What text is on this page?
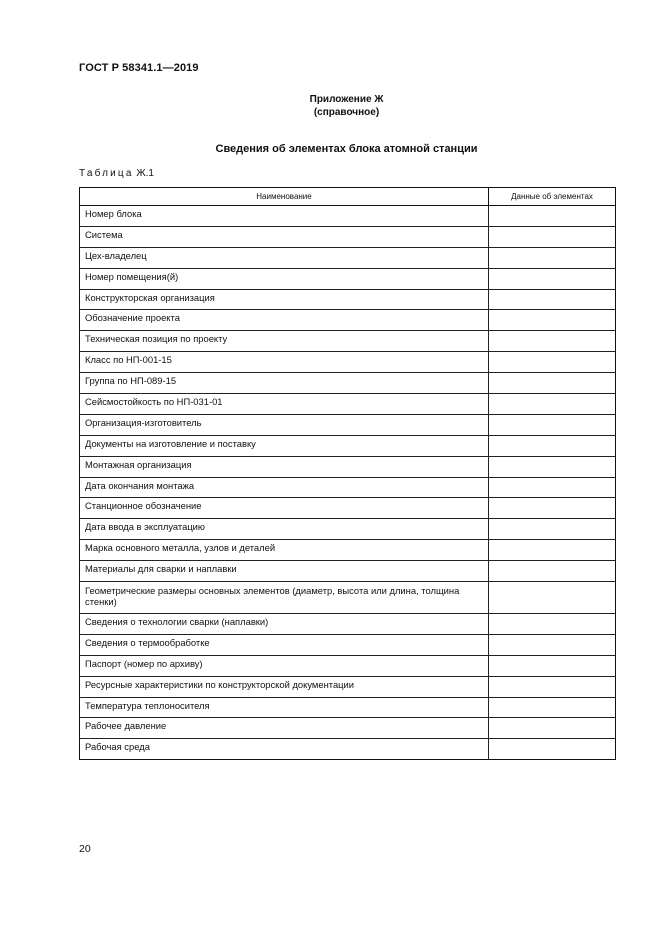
ГОСТ Р 58341.1—2019
Приложение Ж
(справочное)
Сведения об элементах блока атомной станции
Таблица Ж.1
Наименование	Данные об элементах
Номер блока	
Система	
Цех-владелец	
Номер помещения(й)	
Конструкторская организация	
Обозначение проекта	
Техническая позиция по проекту	
Класс по НП-001-15	
Группа по НП-089-15	
Сейсмостойкость по НП-031-01	
Организация-изготовитель	
Документы на изготовление и поставку	
Монтажная организация	
Дата окончания монтажа	
Станционное обозначение	
Дата ввода в эксплуатацию	
Марка основного металла, узлов и деталей	
Материалы для сварки и наплавки	
Геометрические размеры основных элементов (диаметр, высота или длина, толщина стенки)	
Сведения о технологии сварки (наплавки)	
Сведения о термообработке	
Паспорт (номер по архиву)	
Ресурсные характеристики по конструкторской документации	
Температура теплоносителя	
Рабочее давление	
Рабочая среда	
20
